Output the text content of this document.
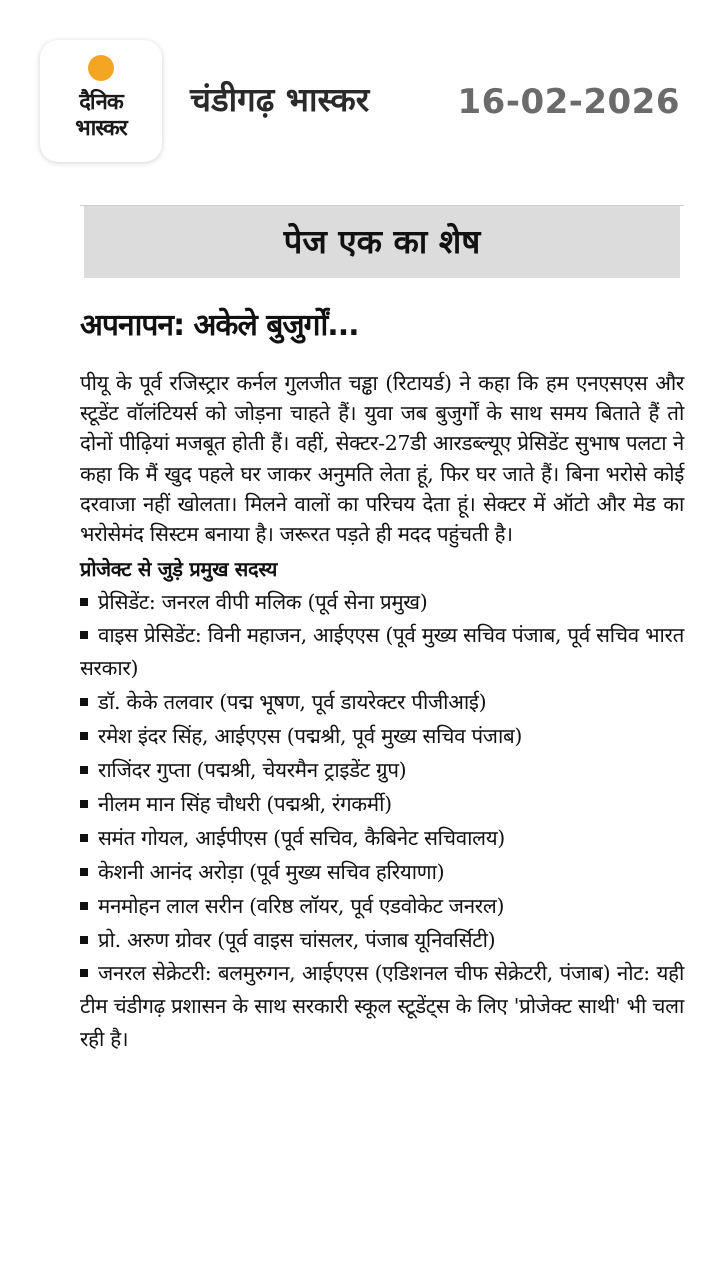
दैनिक
भास्कर
चंडीगढ़ भास्कर	16-02-2026
पेज एक का शेष
अपनापन: अकेले बुजुर्गों...

पीयू के पूर्व रजिस्ट्रार कर्नल गुलजीत चड्ढा (रिटायर्ड) ने कहा कि हम एनएसएस और स्टूडेंट वॉलंटियर्स को जोड़ना चाहते हैं। युवा जब बुजुर्गों के साथ समय बिताते हैं तो दोनों पीढ़ियां मजबूत होती हैं। वहीं, सेक्टर-27डी आरडब्ल्यूए प्रेसिडेंट सुभाष पलटा ने कहा कि मैं खुद पहले घर जाकर अनुमति लेता हूं, फिर घर जाते हैं। बिना भरोसे कोई दरवाजा नहीं खोलता। मिलने वालों का परिचय देता हूं। सेक्टर में ऑटो और मेड का भरोसेमंद सिस्टम बनाया है। जरूरत पड़ते ही मदद पहुंचती है।

प्रोजेक्ट से जुड़े प्रमुख सदस्य
प्रेसिडेंट: जनरल वीपी मलिक (पूर्व सेना प्रमुख)
वाइस प्रेसिडेंट: विनी महाजन, आईएएस (पूर्व मुख्य सचिव पंजाब, पूर्व सचिव भारत सरकार)
डॉ. केके तलवार (पद्म भूषण, पूर्व डायरेक्टर पीजीआई)
रमेश इंदर सिंह, आईएएस (पद्मश्री, पूर्व मुख्य सचिव पंजाब)
राजिंदर गुप्ता (पद्मश्री, चेयरमैन ट्राइडेंट ग्रुप)
नीलम मान सिंह चौधरी (पद्मश्री, रंगकर्मी)
समंत गोयल, आईपीएस (पूर्व सचिव, कैबिनेट सचिवालय)
केशनी आनंद अरोड़ा (पूर्व मुख्य सचिव हरियाणा)
मनमोहन लाल सरीन (वरिष्ठ लॉयर, पूर्व एडवोकेट जनरल)
प्रो. अरुण ग्रोवर (पूर्व वाइस चांसलर, पंजाब यूनिवर्सिटी)
जनरल सेक्रेटरी: बलमुरुगन, आईएएस (एडिशनल चीफ सेक्रेटरी, पंजाब) नोट: यही टीम चंडीगढ़ प्रशासन के साथ सरकारी स्कूल स्टूडेंट्स के लिए 'प्रोजेक्ट साथी' भी चला रही है।
